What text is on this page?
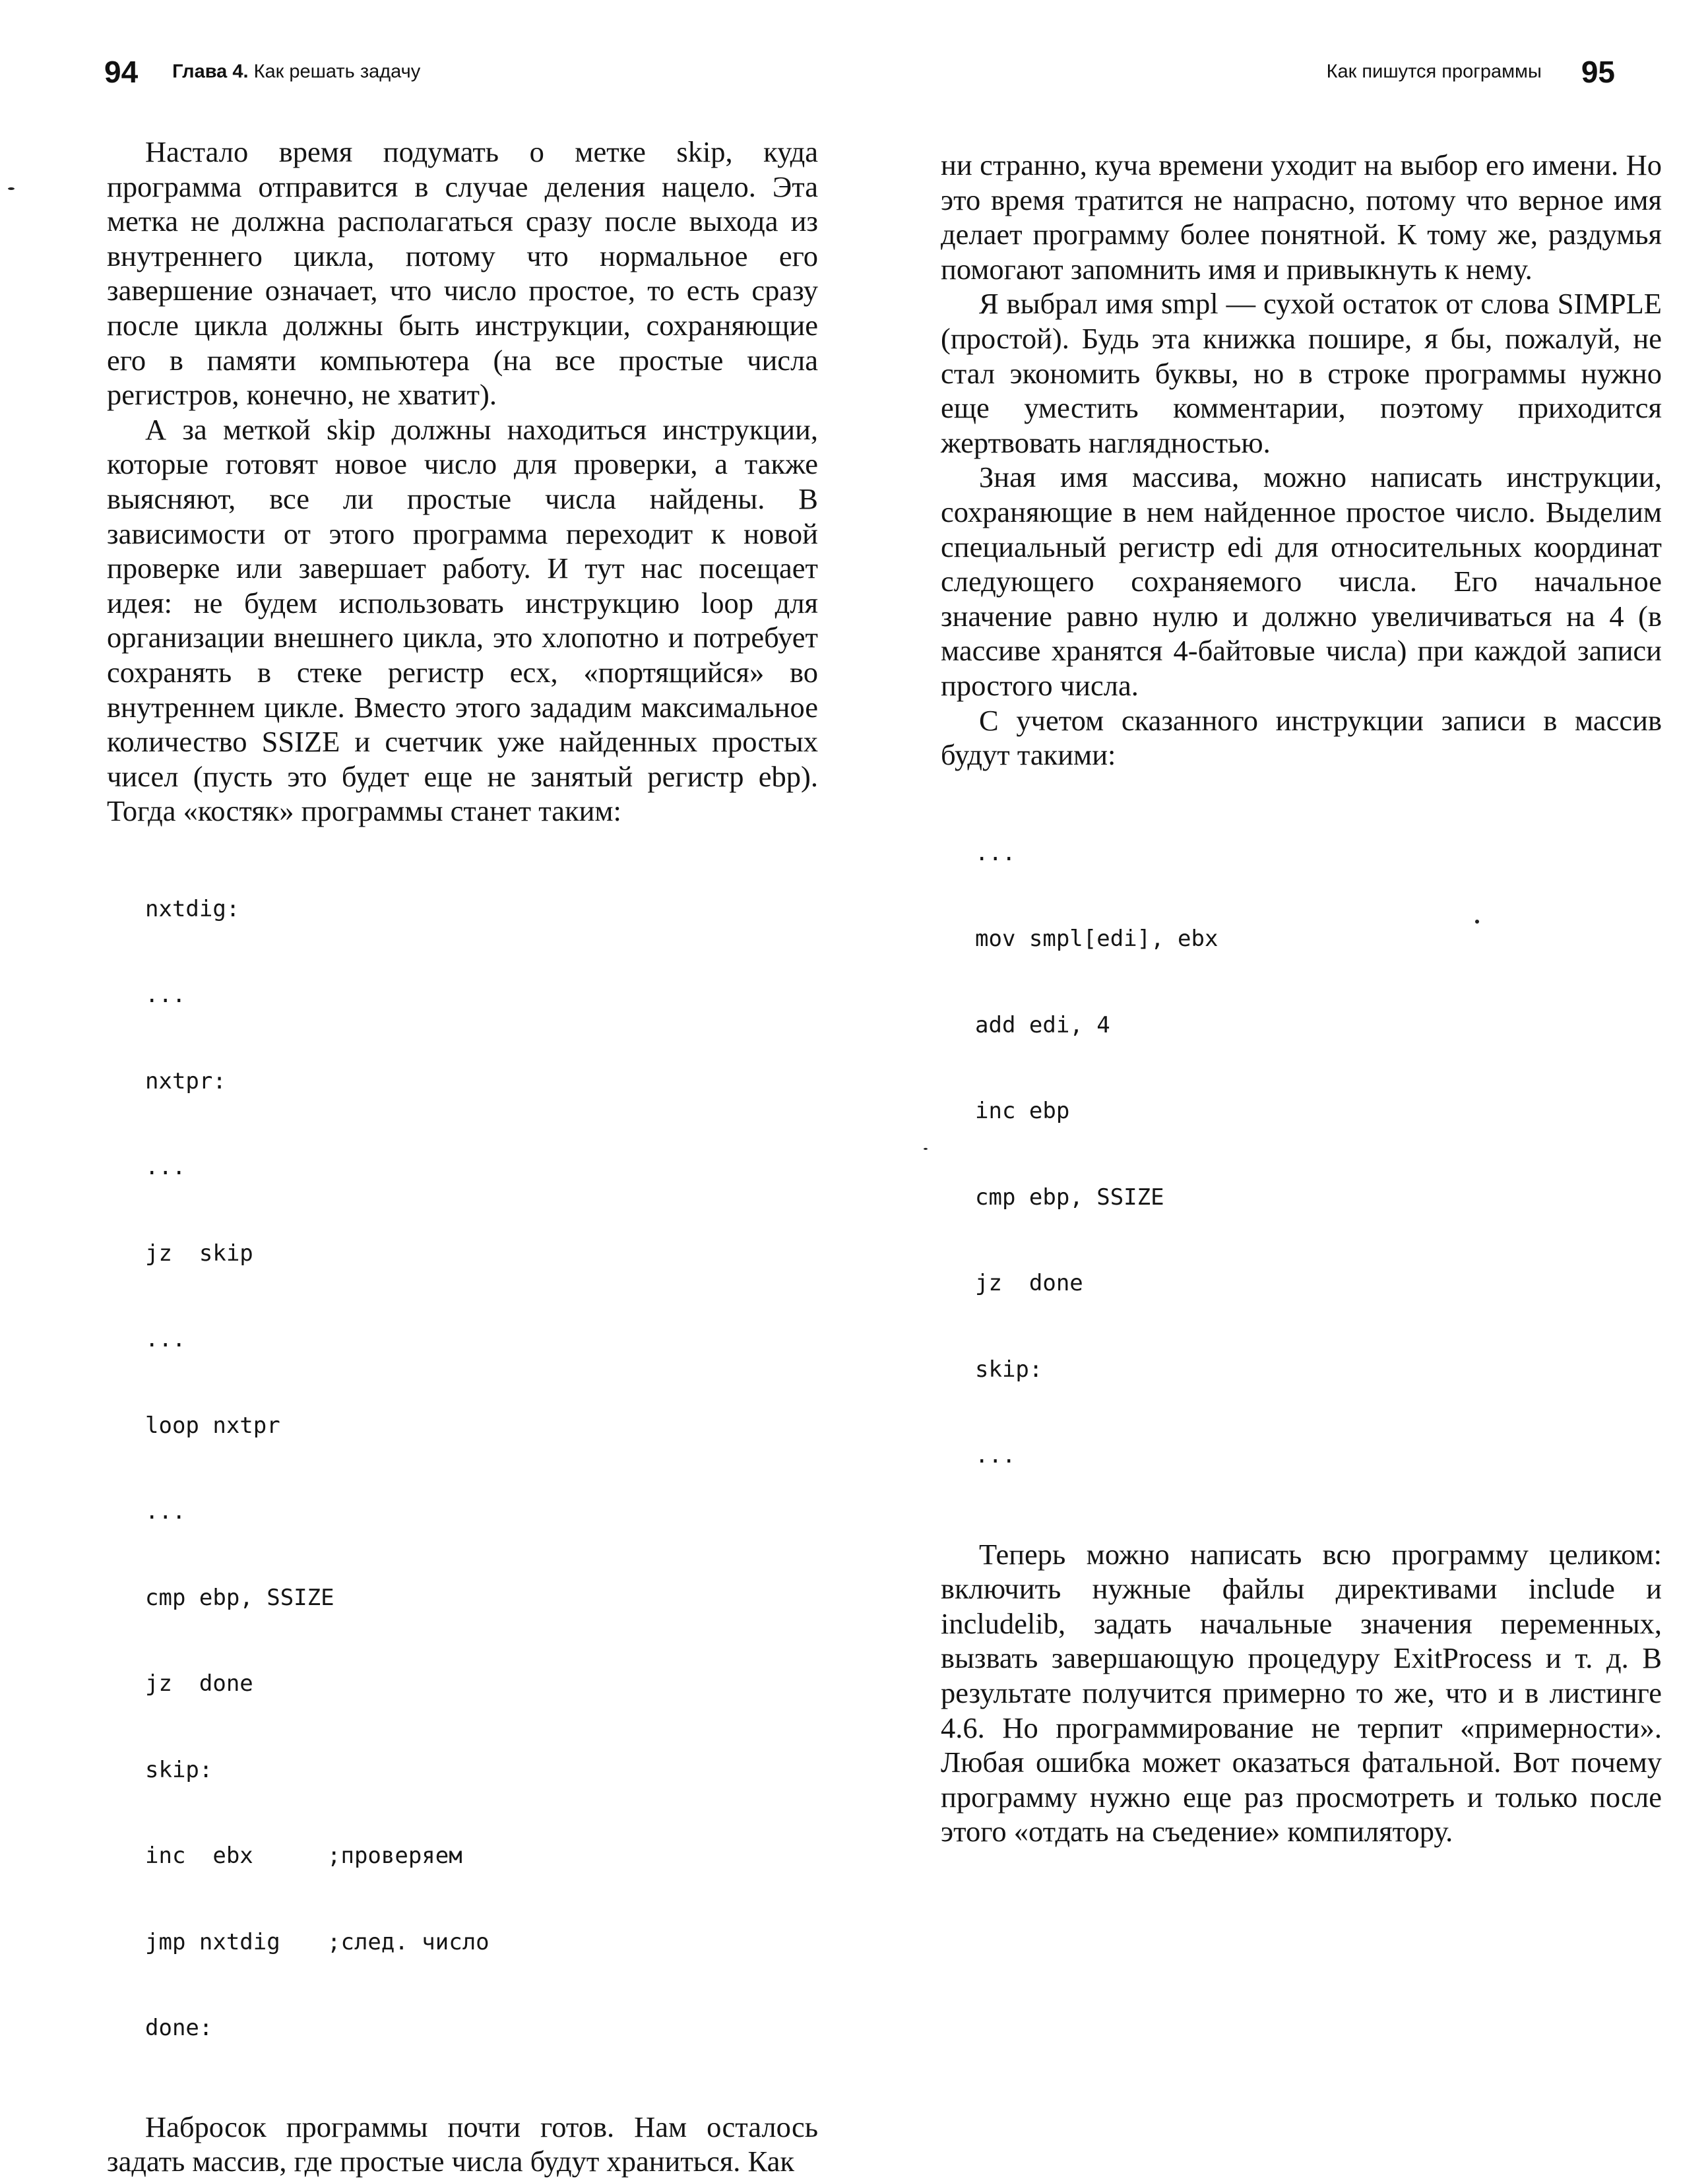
94 Глава 4. Как решать задачу

Настало время подумать о метке skip, куда программа отправится в случае деления нацело. Эта метка не должна располагаться сразу после выхода из внутреннего цикла, потому что нормальное его завершение означает, что число простое, то есть сразу после цикла должны быть инструкции, сохраняющие его в памяти компьютера (на все простые числа регистров, конечно, не хватит).

А за меткой skip должны находиться инструкции, которые готовят новое число для проверки, а также выясняют, все ли простые числа найдены. В зависимости от этого программа переходит к новой проверке или завершает работу. И тут нас посещает идея: не будем использовать инструкцию loop для организации внешнего цикла, это хлопотно и потребует сохранять в стеке регистр ecx, «портящийся» во внутреннем цикле. Вместо этого зададим максимальное количество SSIZE и счетчик уже найденных простых чисел (пусть это будет еще не занятый регистр ebp). Тогда «костяк» программы станет таким:

nxtdig:

...

nxtpr:

...

jz  skip

...

loop nxtpr

...

cmp ebp, SSIZE

jz  done

skip:

inc  ebx	;проверяем

jmp nxtdig ;след. число

done:

Набросок программы почти готов. Нам осталось задать массив, где простые числа будут храниться. Как

Как пишутся программы 95

ни странно, куча времени уходит на выбор его имени. Но это время тратится не напрасно, потому что верное имя делает программу более понятной. К тому же, раздумья помогают запомнить имя и привыкнуть к нему.

Я выбрал имя smpl — сухой остаток от слова SIMPLE (простой). Будь эта книжка пошире, я бы, пожалуй, не стал экономить буквы, но в строке программы нужно еще уместить комментарии, поэтому приходится жертвовать наглядностью.

Зная имя массива, можно написать инструкции, сохраняющие в нем найденное простое число. Выделим специальный регистр edi для относительных координат следующего сохраняемого числа. Его начальное значение равно нулю и должно увеличиваться на 4 (в массиве хранятся 4-байтовые числа) при каждой записи простого числа.

С учетом сказанного инструкции записи в массив будут такими:

...

mov smpl[edi], ebx

add edi, 4

inc ebp

cmp ebp, SSIZE

jz  done

skip:

...

Теперь можно написать всю программу целиком: включить нужные файлы директивами include и includelib, задать начальные значения переменных, вызвать завершающую процедуру ExitProcess и т. д. В результате получится примерно то же, что и в листинге 4.6. Но программирование не терпит «примерности». Любая ошибка может оказаться фатальной. Вот почему программу нужно еще раз просмотреть и только после этого «отдать на съедение» компилятору.
